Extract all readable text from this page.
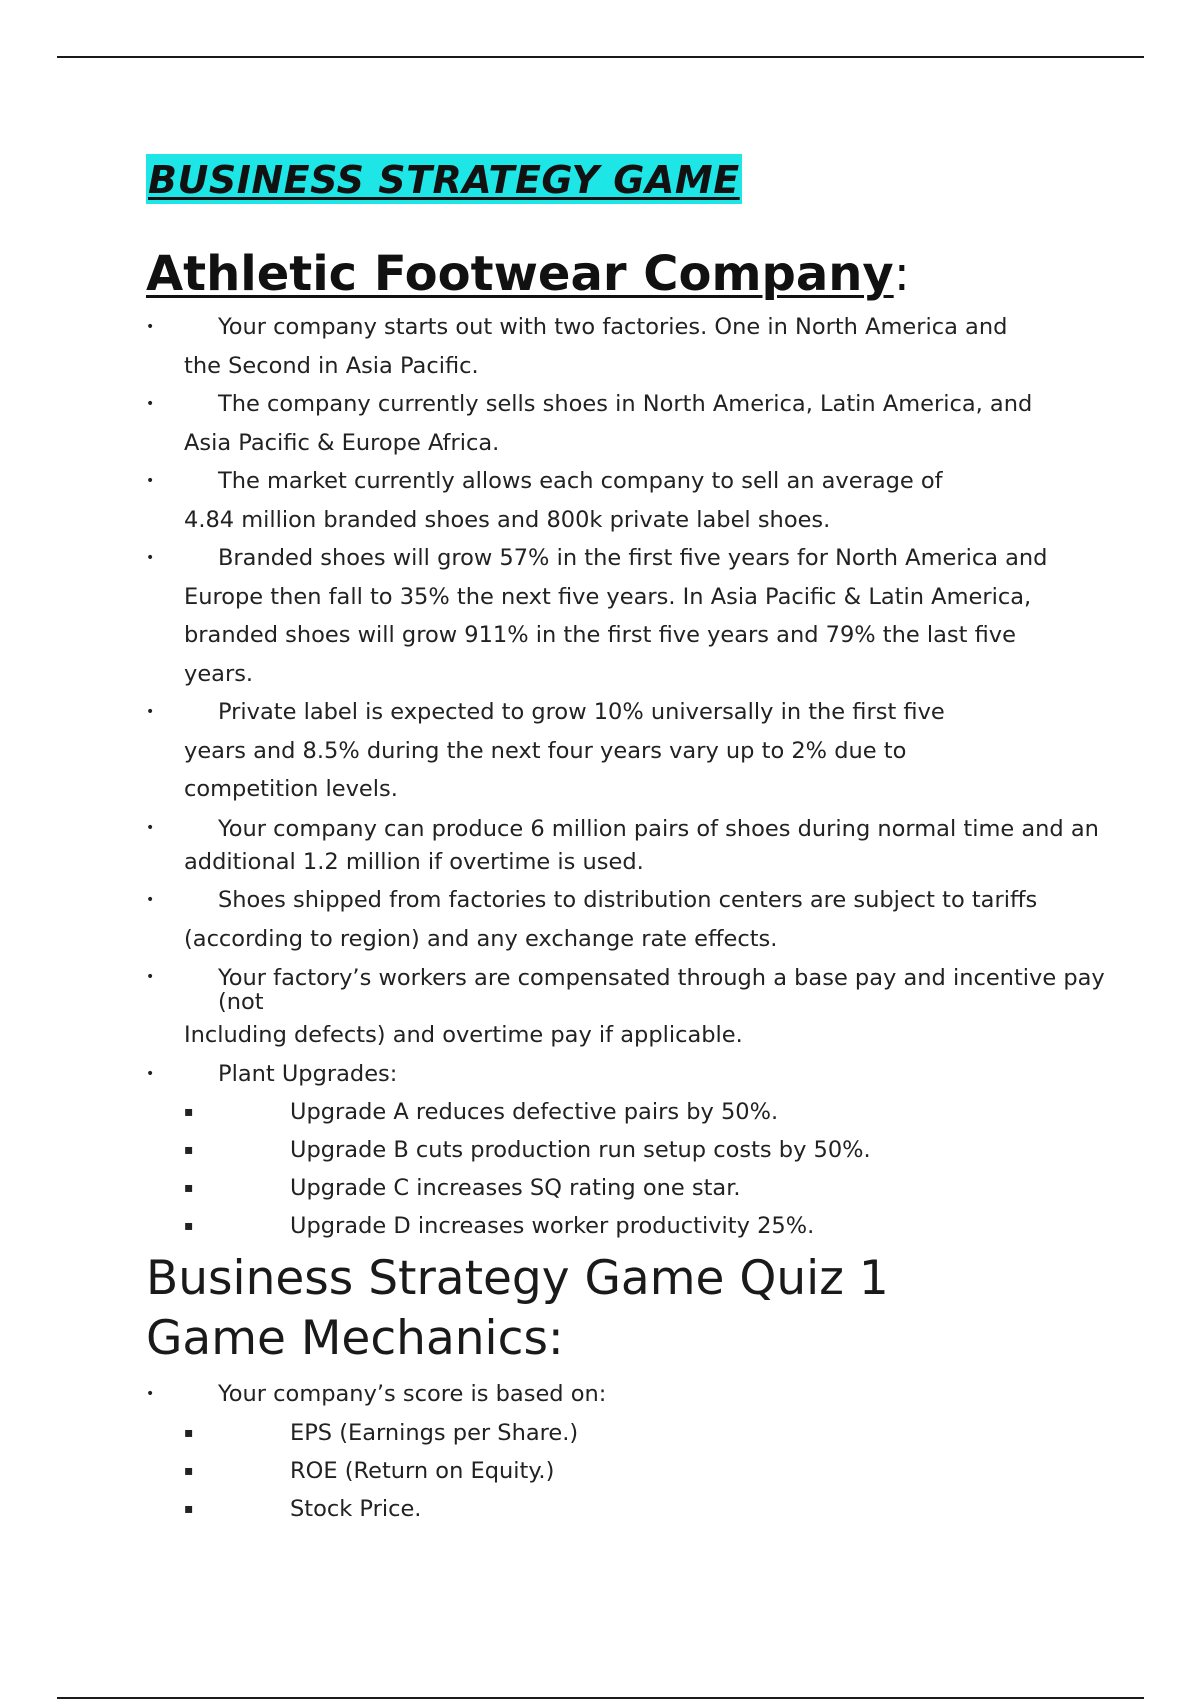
BUSINESS STRATEGY GAME
Athletic Footwear Company:
•	Your company starts out with two factories. One in North America and
the Second in Asia Pacific.
•	The company currently sells shoes in North America, Latin America, and
Asia Pacific & Europe Africa.
•	The market currently allows each company to sell an average of
4.84 million branded shoes and 800k private label shoes.
•	Branded shoes will grow 57% in the first five years for North America and
Europe then fall to 35% the next five years. In Asia Pacific & Latin America,
branded shoes will grow 911% in the first five years and 79% the last five
years.
•	Private label is expected to grow 10% universally in the first five
years and 8.5% during the next four years vary up to 2% due to
competition levels.
•	Your company can produce 6 million pairs of shoes during normal time and an
additional 1.2 million if overtime is used.
•	Shoes shipped from factories to distribution centers are subject to tariffs
(according to region) and any exchange rate effects.
•	Your factory’s workers are compensated through a base pay and incentive pay (not
Including defects) and overtime pay if applicable.
•	Plant Upgrades:
▪	Upgrade A reduces defective pairs by 50%.
▪	Upgrade B cuts production run setup costs by 50%.
▪	Upgrade C increases SQ rating one star.
▪	Upgrade D increases worker productivity 25%.
Business Strategy Game Quiz 1
Game Mechanics:
•	Your company’s score is based on:
▪	EPS (Earnings per Share.)
▪	ROE (Return on Equity.)
▪	Stock Price.
